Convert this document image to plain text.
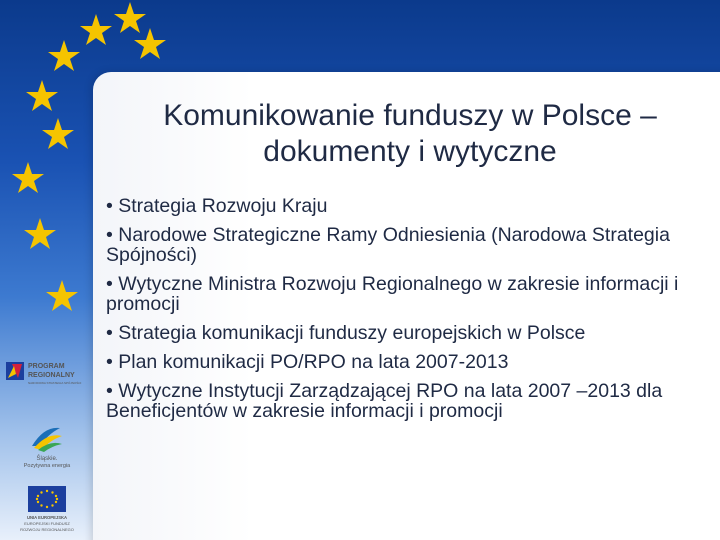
Komunikowanie funduszy w Polsce –
dokumenty i wytyczne
• Strategia Rozwoju Kraju
• Narodowe Strategiczne Ramy Odniesienia (Narodowa Strategia Spójności)
• Wytyczne Ministra Rozwoju Regionalnego w zakresie informacji i promocji
• Strategia komunikacji funduszy europejskich w Polsce
• Plan komunikacji PO/RPO na lata 2007-2013
• Wytyczne Instytucji Zarządzającej RPO na lata 2007 –2013 dla Beneficjentów w zakresie informacji i promocji
PROGRAM
REGIONALNY
NARODOWA STRATEGIA SPÓJNOŚCI
Śląskie.
Pozytywna energia
UNIA EUROPEJSKA
EUROPEJSKI FUNDUSZ
ROZWOJU REGIONALNEGO
